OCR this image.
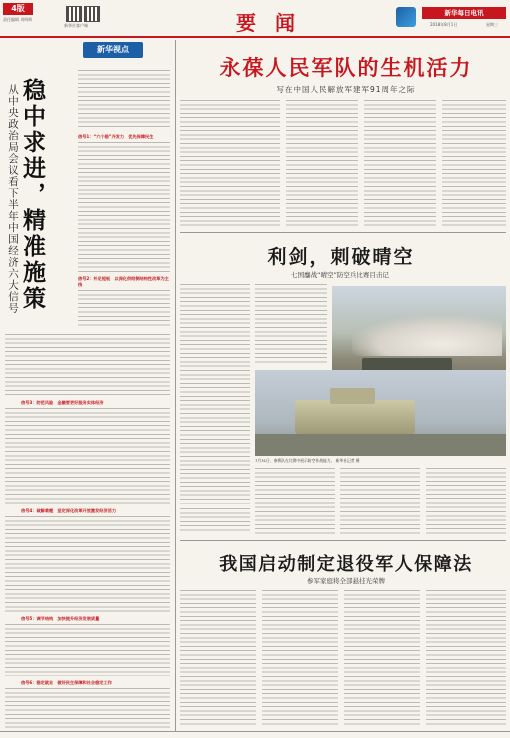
4版
责任编辑 刘明辉
新华社客户端	要 闻	新华每日电讯
2018年8月1日	星期三
新华视点
稳中求进，精准施策
从中央政治局会议看下半年中国经济六大信号	信号1：“六个稳”齐发力　优先保障民生
信号2：补足短板　以深化供给侧结构性改革为主线
信号3：防范风险　金融要更好服务实体经济
信号4：破解难题　坚定深化改革开放激发经济活力
信号5：调节结构　加快提升经济发展质量
信号6：稳定就业　做好民生保障和社会稳定工作
永葆人民军队的生机活力
写在中国人民解放军建军91周年之际
利剑，刺破晴空
七国鏖战“晴空”防空兵比赛目击记
7月31日，参赛队在比赛中展示防空作战能力。 新华社记者 摄
我国启动制定退役军人保障法
参军家庭将全部悬挂光荣牌
